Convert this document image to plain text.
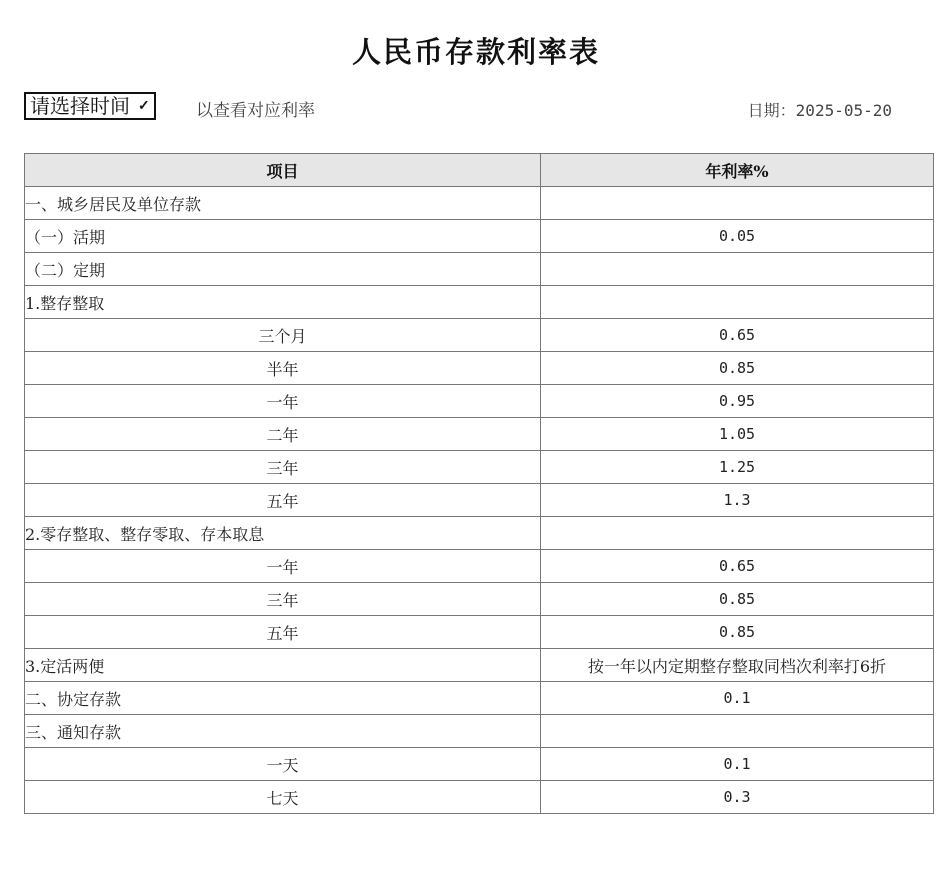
人民币存款利率表
请选择时间 ✓	以查看对应利率	日期：2025-05-20
项目	年利率%
一、城乡居民及单位存款	
（一）活期	0.05
（二）定期	
1.整存整取	
三个月	0.65
半年	0.85
一年	0.95
二年	1.05
三年	1.25
五年	1.3
2.零存整取、整存零取、存本取息	
一年	0.65
三年	0.85
五年	0.85
3.定活两便	按一年以内定期整存整取同档次利率打6折
二、协定存款	0.1
三、通知存款	
一天	0.1
七天	0.3
